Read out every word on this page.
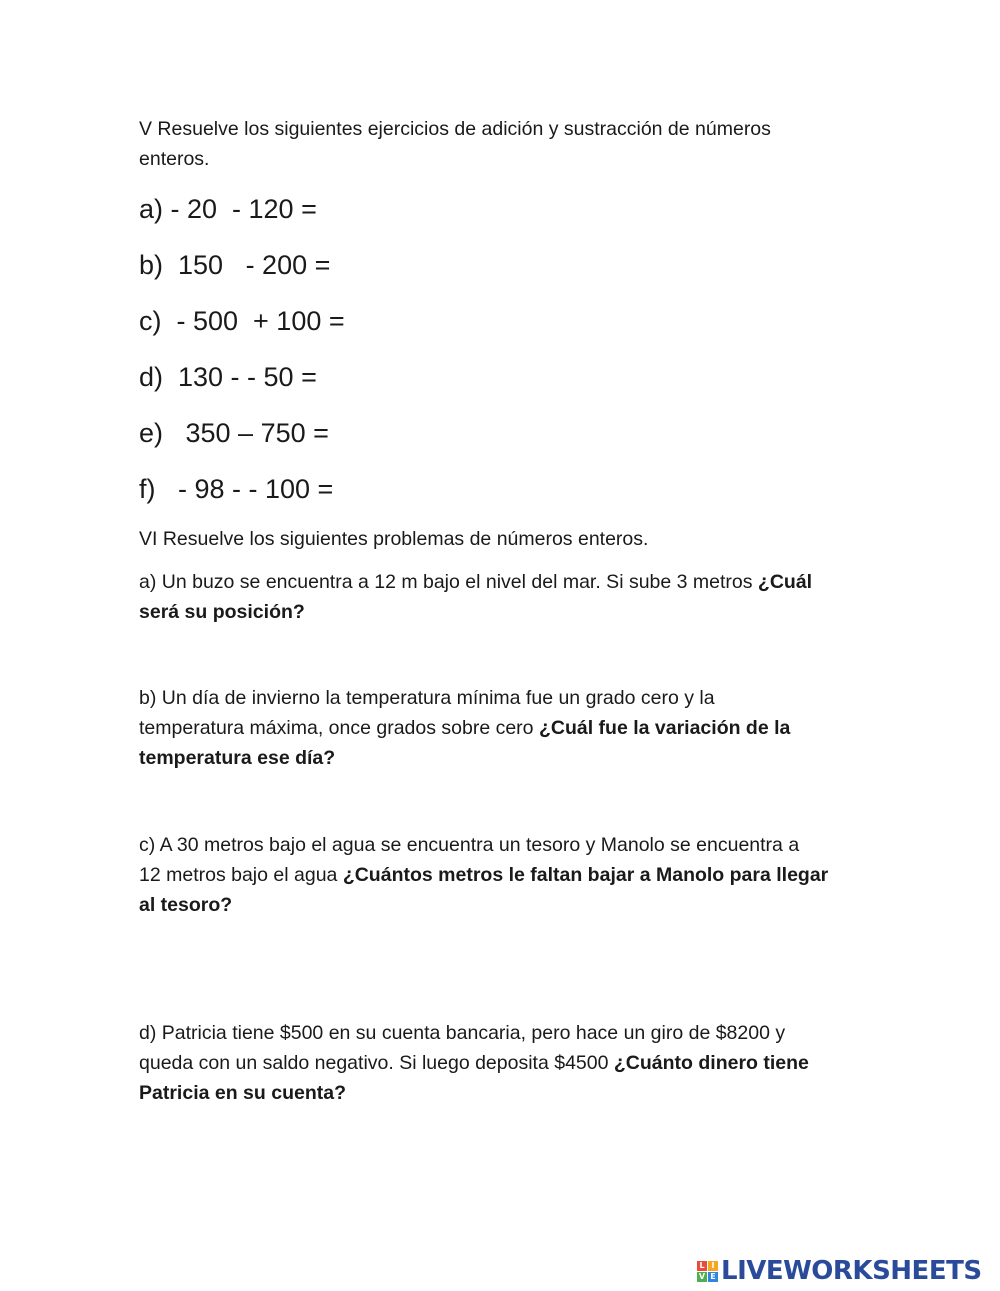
V Resuelve los siguientes ejercicios de adición y sustracción de números

enteros.

a) - 20  - 120 =

b)  150   - 200 =

c)  - 500  + 100 =

d)  130 - - 50 =

e)   350 – 750 =

f)   - 98 - - 100 =

VI Resuelve los siguientes problemas de números enteros.

a) Un buzo se encuentra a 12 m bajo el nivel del mar. Si sube 3 metros ¿Cuál

será su posición?

b) Un día de invierno la temperatura mínima fue un grado cero y la

temperatura máxima, once grados sobre cero ¿Cuál fue la variación de la

temperatura ese día?

c) A 30 metros bajo el agua se encuentra un tesoro y Manolo se encuentra a

12 metros bajo el agua ¿Cuántos metros le faltan bajar a Manolo para llegar

al tesoro?

d) Patricia tiene $500 en su cuenta bancaria, pero hace un giro de $8200 y

queda con un saldo negativo. Si luego deposita $4500 ¿Cuánto dinero tiene

Patricia en su cuenta?

L I
V E LIVEWORKSHEETS
